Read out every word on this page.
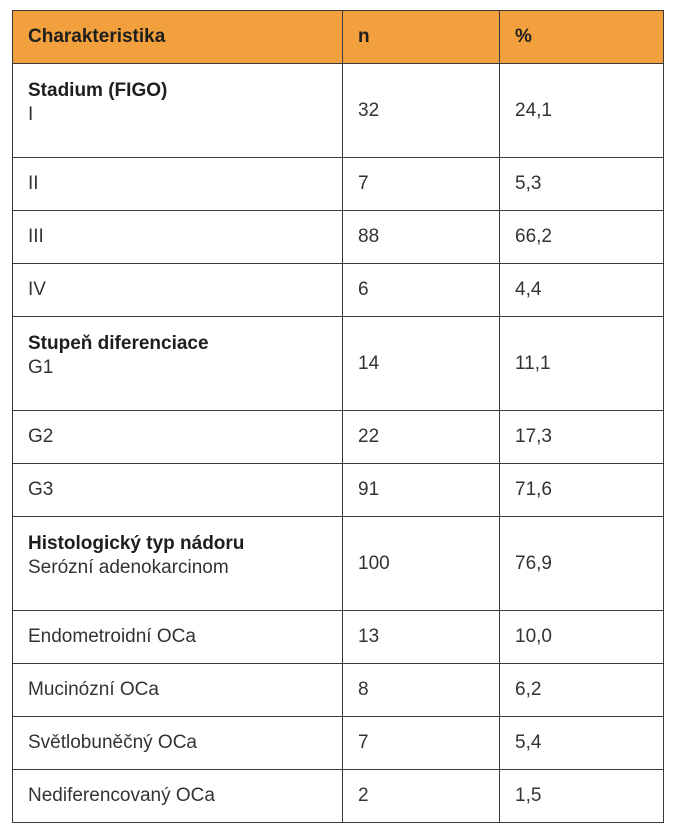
Charakteristika	n	%

Stadium (FIGO)
I	32	24,1
II	7	5,3
III	88	66,2
IV	6	4,4

Stupeň diferenciace
G1	14	11,1
G2	22	17,3
G3	91	71,6

Histologický typ nádoru
Serózní adenokarcinom	100	76,9
Endometroidní OCa	13	10,0
Mucinózní OCa	8	6,2
Světlobuněčný OCa	7	5,4
Nediferencovaný OCa	2	1,5
